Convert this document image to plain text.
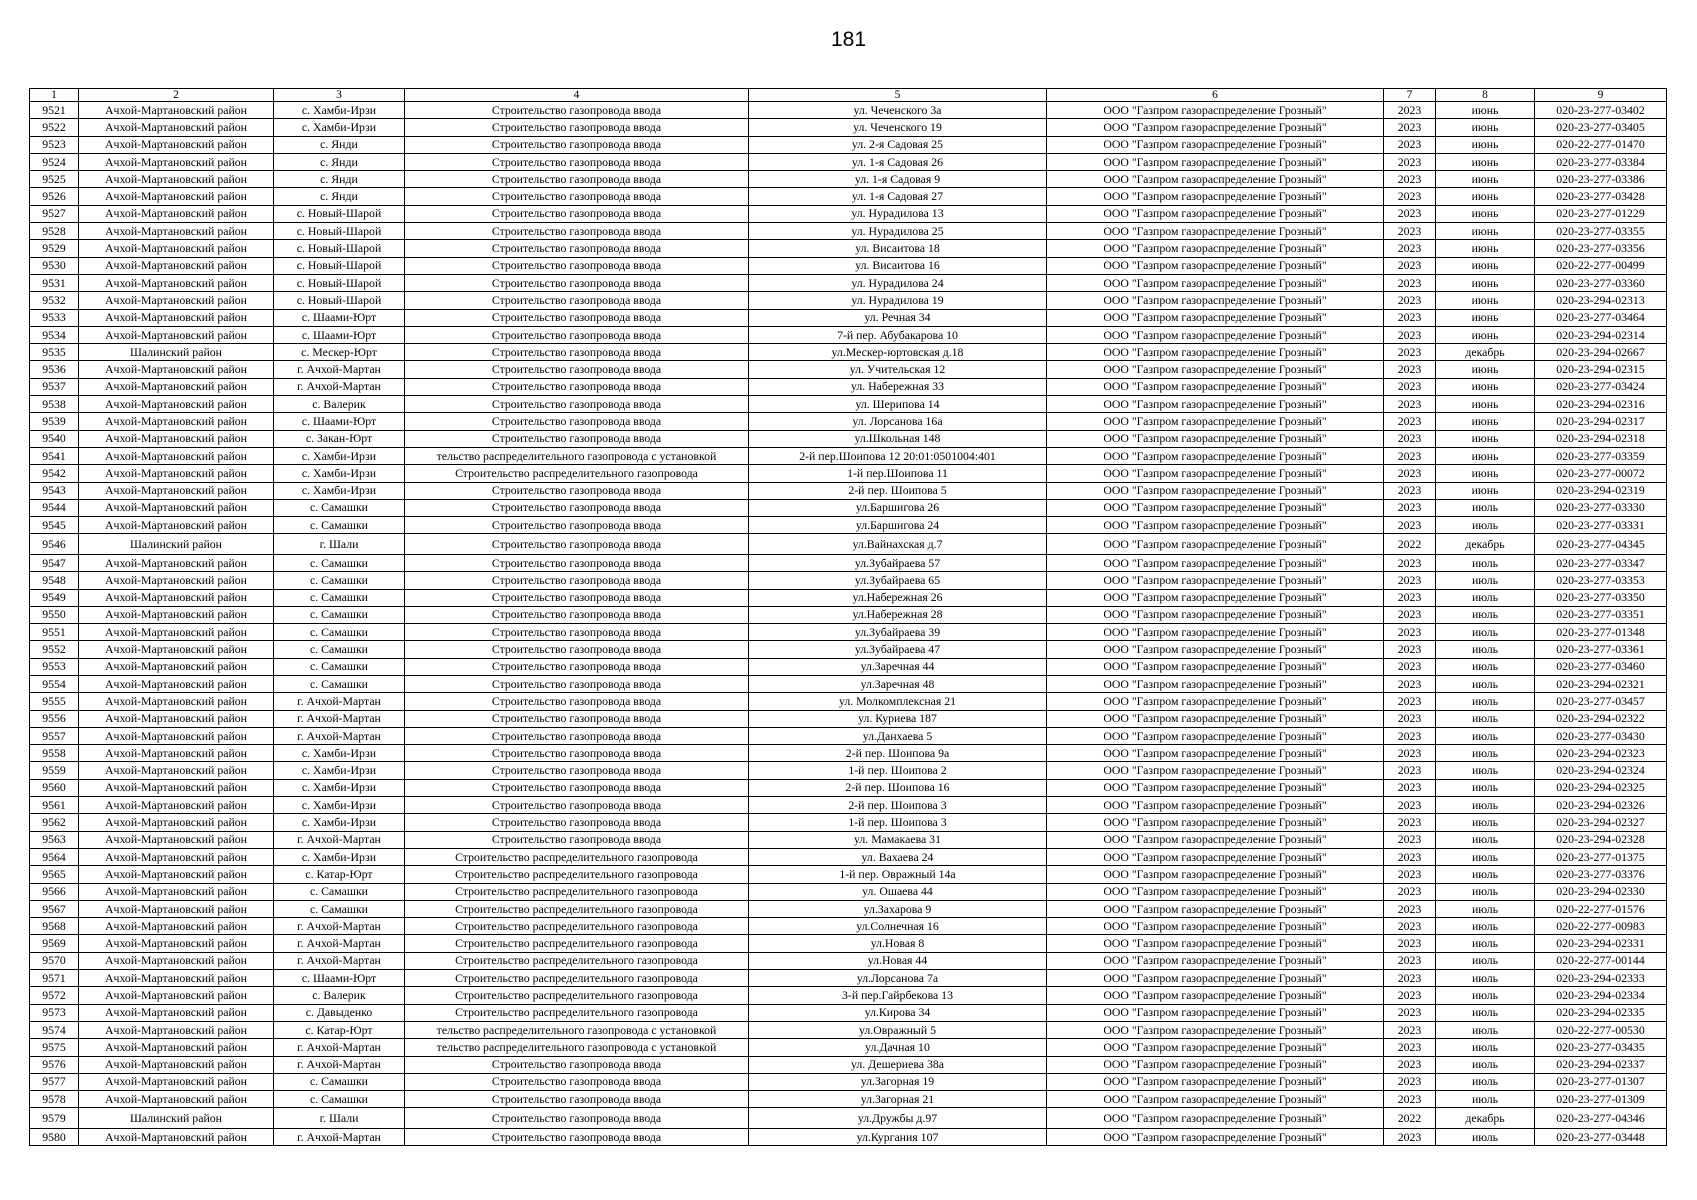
181
1	2	3	4	5	6	7	8	9
9521	Ачхой-Мартановский район	с. Хамби-Ирзи	Строительство газопровода ввода	ул. Чеченского 3а	ООО "Газпром газораспределение Грозный"	2023	июнь	020-23-277-03402
9522	Ачхой-Мартановский район	с. Хамби-Ирзи	Строительство газопровода ввода	ул. Чеченского 19	ООО "Газпром газораспределение Грозный"	2023	июнь	020-23-277-03405
9523	Ачхой-Мартановский район	с. Янди	Строительство газопровода ввода	ул. 2-я Садовая 25	ООО "Газпром газораспределение Грозный"	2023	июнь	020-22-277-01470
9524	Ачхой-Мартановский район	с. Янди	Строительство газопровода ввода	ул. 1-я Садовая 26	ООО "Газпром газораспределение Грозный"	2023	июнь	020-23-277-03384
9525	Ачхой-Мартановский район	с. Янди	Строительство газопровода ввода	ул. 1-я Садовая 9	ООО "Газпром газораспределение Грозный"	2023	июнь	020-23-277-03386
9526	Ачхой-Мартановский район	с. Янди	Строительство газопровода ввода	ул. 1-я Садовая 27	ООО "Газпром газораспределение Грозный"	2023	июнь	020-23-277-03428
9527	Ачхой-Мартановский район	с. Новый-Шарой	Строительство газопровода ввода	ул. Нурадилова 13	ООО "Газпром газораспределение Грозный"	2023	июнь	020-23-277-01229
9528	Ачхой-Мартановский район	с. Новый-Шарой	Строительство газопровода ввода	ул. Нурадилова 25	ООО "Газпром газораспределение Грозный"	2023	июнь	020-23-277-03355
9529	Ачхой-Мартановский район	с. Новый-Шарой	Строительство газопровода ввода	ул. Висаитова 18	ООО "Газпром газораспределение Грозный"	2023	июнь	020-23-277-03356
9530	Ачхой-Мартановский район	с. Новый-Шарой	Строительство газопровода ввода	ул. Висаитова 16	ООО "Газпром газораспределение Грозный"	2023	июнь	020-22-277-00499
9531	Ачхой-Мартановский район	с. Новый-Шарой	Строительство газопровода ввода	ул. Нурадилова 24	ООО "Газпром газораспределение Грозный"	2023	июнь	020-23-277-03360
9532	Ачхой-Мартановский район	с. Новый-Шарой	Строительство газопровода ввода	ул. Нурадилова 19	ООО "Газпром газораспределение Грозный"	2023	июнь	020-23-294-02313
9533	Ачхой-Мартановский район	с. Шаами-Юрт	Строительство газопровода ввода	ул. Речная 34	ООО "Газпром газораспределение Грозный"	2023	июнь	020-23-277-03464
9534	Ачхой-Мартановский район	с. Шаами-Юрт	Строительство газопровода ввода	7-й пер. Абубакарова 10	ООО "Газпром газораспределение Грозный"	2023	июнь	020-23-294-02314
9535	Шалинский район	с. Мескер-Юрт	Строительство газопровода ввода	ул.Мескер-юртовская д.18	ООО "Газпром газораспределение Грозный"	2023	декабрь	020-23-294-02667
9536	Ачхой-Мартановский район	г. Ачхой-Мартан	Строительство газопровода ввода	ул. Учительская 12	ООО "Газпром газораспределение Грозный"	2023	июнь	020-23-294-02315
9537	Ачхой-Мартановский район	г. Ачхой-Мартан	Строительство газопровода ввода	ул. Набережная 33	ООО "Газпром газораспределение Грозный"	2023	июнь	020-23-277-03424
9538	Ачхой-Мартановский район	с. Валерик	Строительство газопровода ввода	ул. Шерипова 14	ООО "Газпром газораспределение Грозный"	2023	июнь	020-23-294-02316
9539	Ачхой-Мартановский район	с. Шаами-Юрт	Строительство газопровода ввода	ул. Лорсанова 16а	ООО "Газпром газораспределение Грозный"	2023	июнь	020-23-294-02317
9540	Ачхой-Мартановский район	с. Закан-Юрт	Строительство газопровода ввода	ул.Школьная 148	ООО "Газпром газораспределение Грозный"	2023	июнь	020-23-294-02318
9541	Ачхой-Мартановский район	с. Хамби-Ирзи	тельство распределительного газопровода с установкой	2-й пер.Шоипова 12 20:01:0501004:401	ООО "Газпром газораспределение Грозный"	2023	июнь	020-23-277-03359
9542	Ачхой-Мартановский район	с. Хамби-Ирзи	Строительство распределительного газопровода	1-й пер.Шоипова 11	ООО "Газпром газораспределение Грозный"	2023	июнь	020-23-277-00072
9543	Ачхой-Мартановский район	с. Хамби-Ирзи	Строительство газопровода ввода	2-й пер. Шоипова 5	ООО "Газпром газораспределение Грозный"	2023	июнь	020-23-294-02319
9544	Ачхой-Мартановский район	с. Самашки	Строительство газопровода ввода	ул.Баршигова 26	ООО "Газпром газораспределение Грозный"	2023	июль	020-23-277-03330
9545	Ачхой-Мартановский район	с. Самашки	Строительство газопровода ввода	ул.Баршигова 24	ООО "Газпром газораспределение Грозный"	2023	июль	020-23-277-03331
9546	Шалинский район	г. Шали	Строительство газопровода ввода	ул.Вайнахская д.7	ООО "Газпром газораспределение Грозный"	2022	декабрь	020-23-277-04345
9547	Ачхой-Мартановский район	с. Самашки	Строительство газопровода ввода	ул.Зубайраева 57	ООО "Газпром газораспределение Грозный"	2023	июль	020-23-277-03347
9548	Ачхой-Мартановский район	с. Самашки	Строительство газопровода ввода	ул.Зубайраева 65	ООО "Газпром газораспределение Грозный"	2023	июль	020-23-277-03353
9549	Ачхой-Мартановский район	с. Самашки	Строительство газопровода ввода	ул.Набережная 26	ООО "Газпром газораспределение Грозный"	2023	июль	020-23-277-03350
9550	Ачхой-Мартановский район	с. Самашки	Строительство газопровода ввода	ул.Набережная 28	ООО "Газпром газораспределение Грозный"	2023	июль	020-23-277-03351
9551	Ачхой-Мартановский район	с. Самашки	Строительство газопровода ввода	ул.Зубайраева 39	ООО "Газпром газораспределение Грозный"	2023	июль	020-23-277-01348
9552	Ачхой-Мартановский район	с. Самашки	Строительство газопровода ввода	ул.Зубайраева 47	ООО "Газпром газораспределение Грозный"	2023	июль	020-23-277-03361
9553	Ачхой-Мартановский район	с. Самашки	Строительство газопровода ввода	ул.Заречная 44	ООО "Газпром газораспределение Грозный"	2023	июль	020-23-277-03460
9554	Ачхой-Мартановский район	с. Самашки	Строительство газопровода ввода	ул.Заречная 48	ООО "Газпром газораспределение Грозный"	2023	июль	020-23-294-02321
9555	Ачхой-Мартановский район	г. Ачхой-Мартан	Строительство газопровода ввода	ул. Молкомплексная 21	ООО "Газпром газораспределение Грозный"	2023	июль	020-23-277-03457
9556	Ачхой-Мартановский район	г. Ачхой-Мартан	Строительство газопровода ввода	ул. Куриева 187	ООО "Газпром газораспределение Грозный"	2023	июль	020-23-294-02322
9557	Ачхой-Мартановский район	г. Ачхой-Мартан	Строительство газопровода ввода	ул.Данхаева 5	ООО "Газпром газораспределение Грозный"	2023	июль	020-23-277-03430
9558	Ачхой-Мартановский район	с. Хамби-Ирзи	Строительство газопровода ввода	2-й пер. Шоипова 9а	ООО "Газпром газораспределение Грозный"	2023	июль	020-23-294-02323
9559	Ачхой-Мартановский район	с. Хамби-Ирзи	Строительство газопровода ввода	1-й пер. Шоипова 2	ООО "Газпром газораспределение Грозный"	2023	июль	020-23-294-02324
9560	Ачхой-Мартановский район	с. Хамби-Ирзи	Строительство газопровода ввода	2-й пер. Шоипова 16	ООО "Газпром газораспределение Грозный"	2023	июль	020-23-294-02325
9561	Ачхой-Мартановский район	с. Хамби-Ирзи	Строительство газопровода ввода	2-й пер. Шоипова 3	ООО "Газпром газораспределение Грозный"	2023	июль	020-23-294-02326
9562	Ачхой-Мартановский район	с. Хамби-Ирзи	Строительство газопровода ввода	1-й пер. Шоипова 3	ООО "Газпром газораспределение Грозный"	2023	июль	020-23-294-02327
9563	Ачхой-Мартановский район	г. Ачхой-Мартан	Строительство газопровода ввода	ул. Мамакаева 31	ООО "Газпром газораспределение Грозный"	2023	июль	020-23-294-02328
9564	Ачхой-Мартановский район	с. Хамби-Ирзи	Строительство распределительного газопровода	ул. Вахаева 24	ООО "Газпром газораспределение Грозный"	2023	июль	020-23-277-01375
9565	Ачхой-Мартановский район	с. Катар-Юрт	Строительство распределительного газопровода	1-й пер. Овражный 14а	ООО "Газпром газораспределение Грозный"	2023	июль	020-23-277-03376
9566	Ачхой-Мартановский район	с. Самашки	Строительство распределительного газопровода	ул. Ошаева 44	ООО "Газпром газораспределение Грозный"	2023	июль	020-23-294-02330
9567	Ачхой-Мартановский район	с. Самашки	Строительство распределительного газопровода	ул.Захарова 9	ООО "Газпром газораспределение Грозный"	2023	июль	020-22-277-01576
9568	Ачхой-Мартановский район	г. Ачхой-Мартан	Строительство распределительного газопровода	ул.Солнечная 16	ООО "Газпром газораспределение Грозный"	2023	июль	020-22-277-00983
9569	Ачхой-Мартановский район	г. Ачхой-Мартан	Строительство распределительного газопровода	ул.Новая 8	ООО "Газпром газораспределение Грозный"	2023	июль	020-23-294-02331
9570	Ачхой-Мартановский район	г. Ачхой-Мартан	Строительство распределительного газопровода	ул.Новая 44	ООО "Газпром газораспределение Грозный"	2023	июль	020-22-277-00144
9571	Ачхой-Мартановский район	с. Шаами-Юрт	Строительство распределительного газопровода	ул.Лорсанова 7а	ООО "Газпром газораспределение Грозный"	2023	июль	020-23-294-02333
9572	Ачхой-Мартановский район	с. Валерик	Строительство распределительного газопровода	3-й пер.Гайрбекова 13	ООО "Газпром газораспределение Грозный"	2023	июль	020-23-294-02334
9573	Ачхой-Мартановский район	с. Давыденко	Строительство распределительного газопровода	ул.Кирова 34	ООО "Газпром газораспределение Грозный"	2023	июль	020-23-294-02335
9574	Ачхой-Мартановский район	с. Катар-Юрт	тельство распределительного газопровода с установкой	ул.Овражный 5	ООО "Газпром газораспределение Грозный"	2023	июль	020-22-277-00530
9575	Ачхой-Мартановский район	г. Ачхой-Мартан	тельство распределительного газопровода с установкой	ул.Дачная 10	ООО "Газпром газораспределение Грозный"	2023	июль	020-23-277-03435
9576	Ачхой-Мартановский район	г. Ачхой-Мартан	Строительство газопровода ввода	ул. Дешериева 38а	ООО "Газпром газораспределение Грозный"	2023	июль	020-23-294-02337
9577	Ачхой-Мартановский район	с. Самашки	Строительство газопровода ввода	ул.Загорная 19	ООО "Газпром газораспределение Грозный"	2023	июль	020-23-277-01307
9578	Ачхой-Мартановский район	с. Самашки	Строительство газопровода ввода	ул.Загорная 21	ООО "Газпром газораспределение Грозный"	2023	июль	020-23-277-01309
9579	Шалинский район	г. Шали	Строительство газопровода ввода	ул.Дружбы д.97	ООО "Газпром газораспределение Грозный"	2022	декабрь	020-23-277-04346
9580	Ачхой-Мартановский район	г. Ачхой-Мартан	Строительство газопровода ввода	ул.Кургания 107	ООО "Газпром газораспределение Грозный"	2023	июль	020-23-277-03448
